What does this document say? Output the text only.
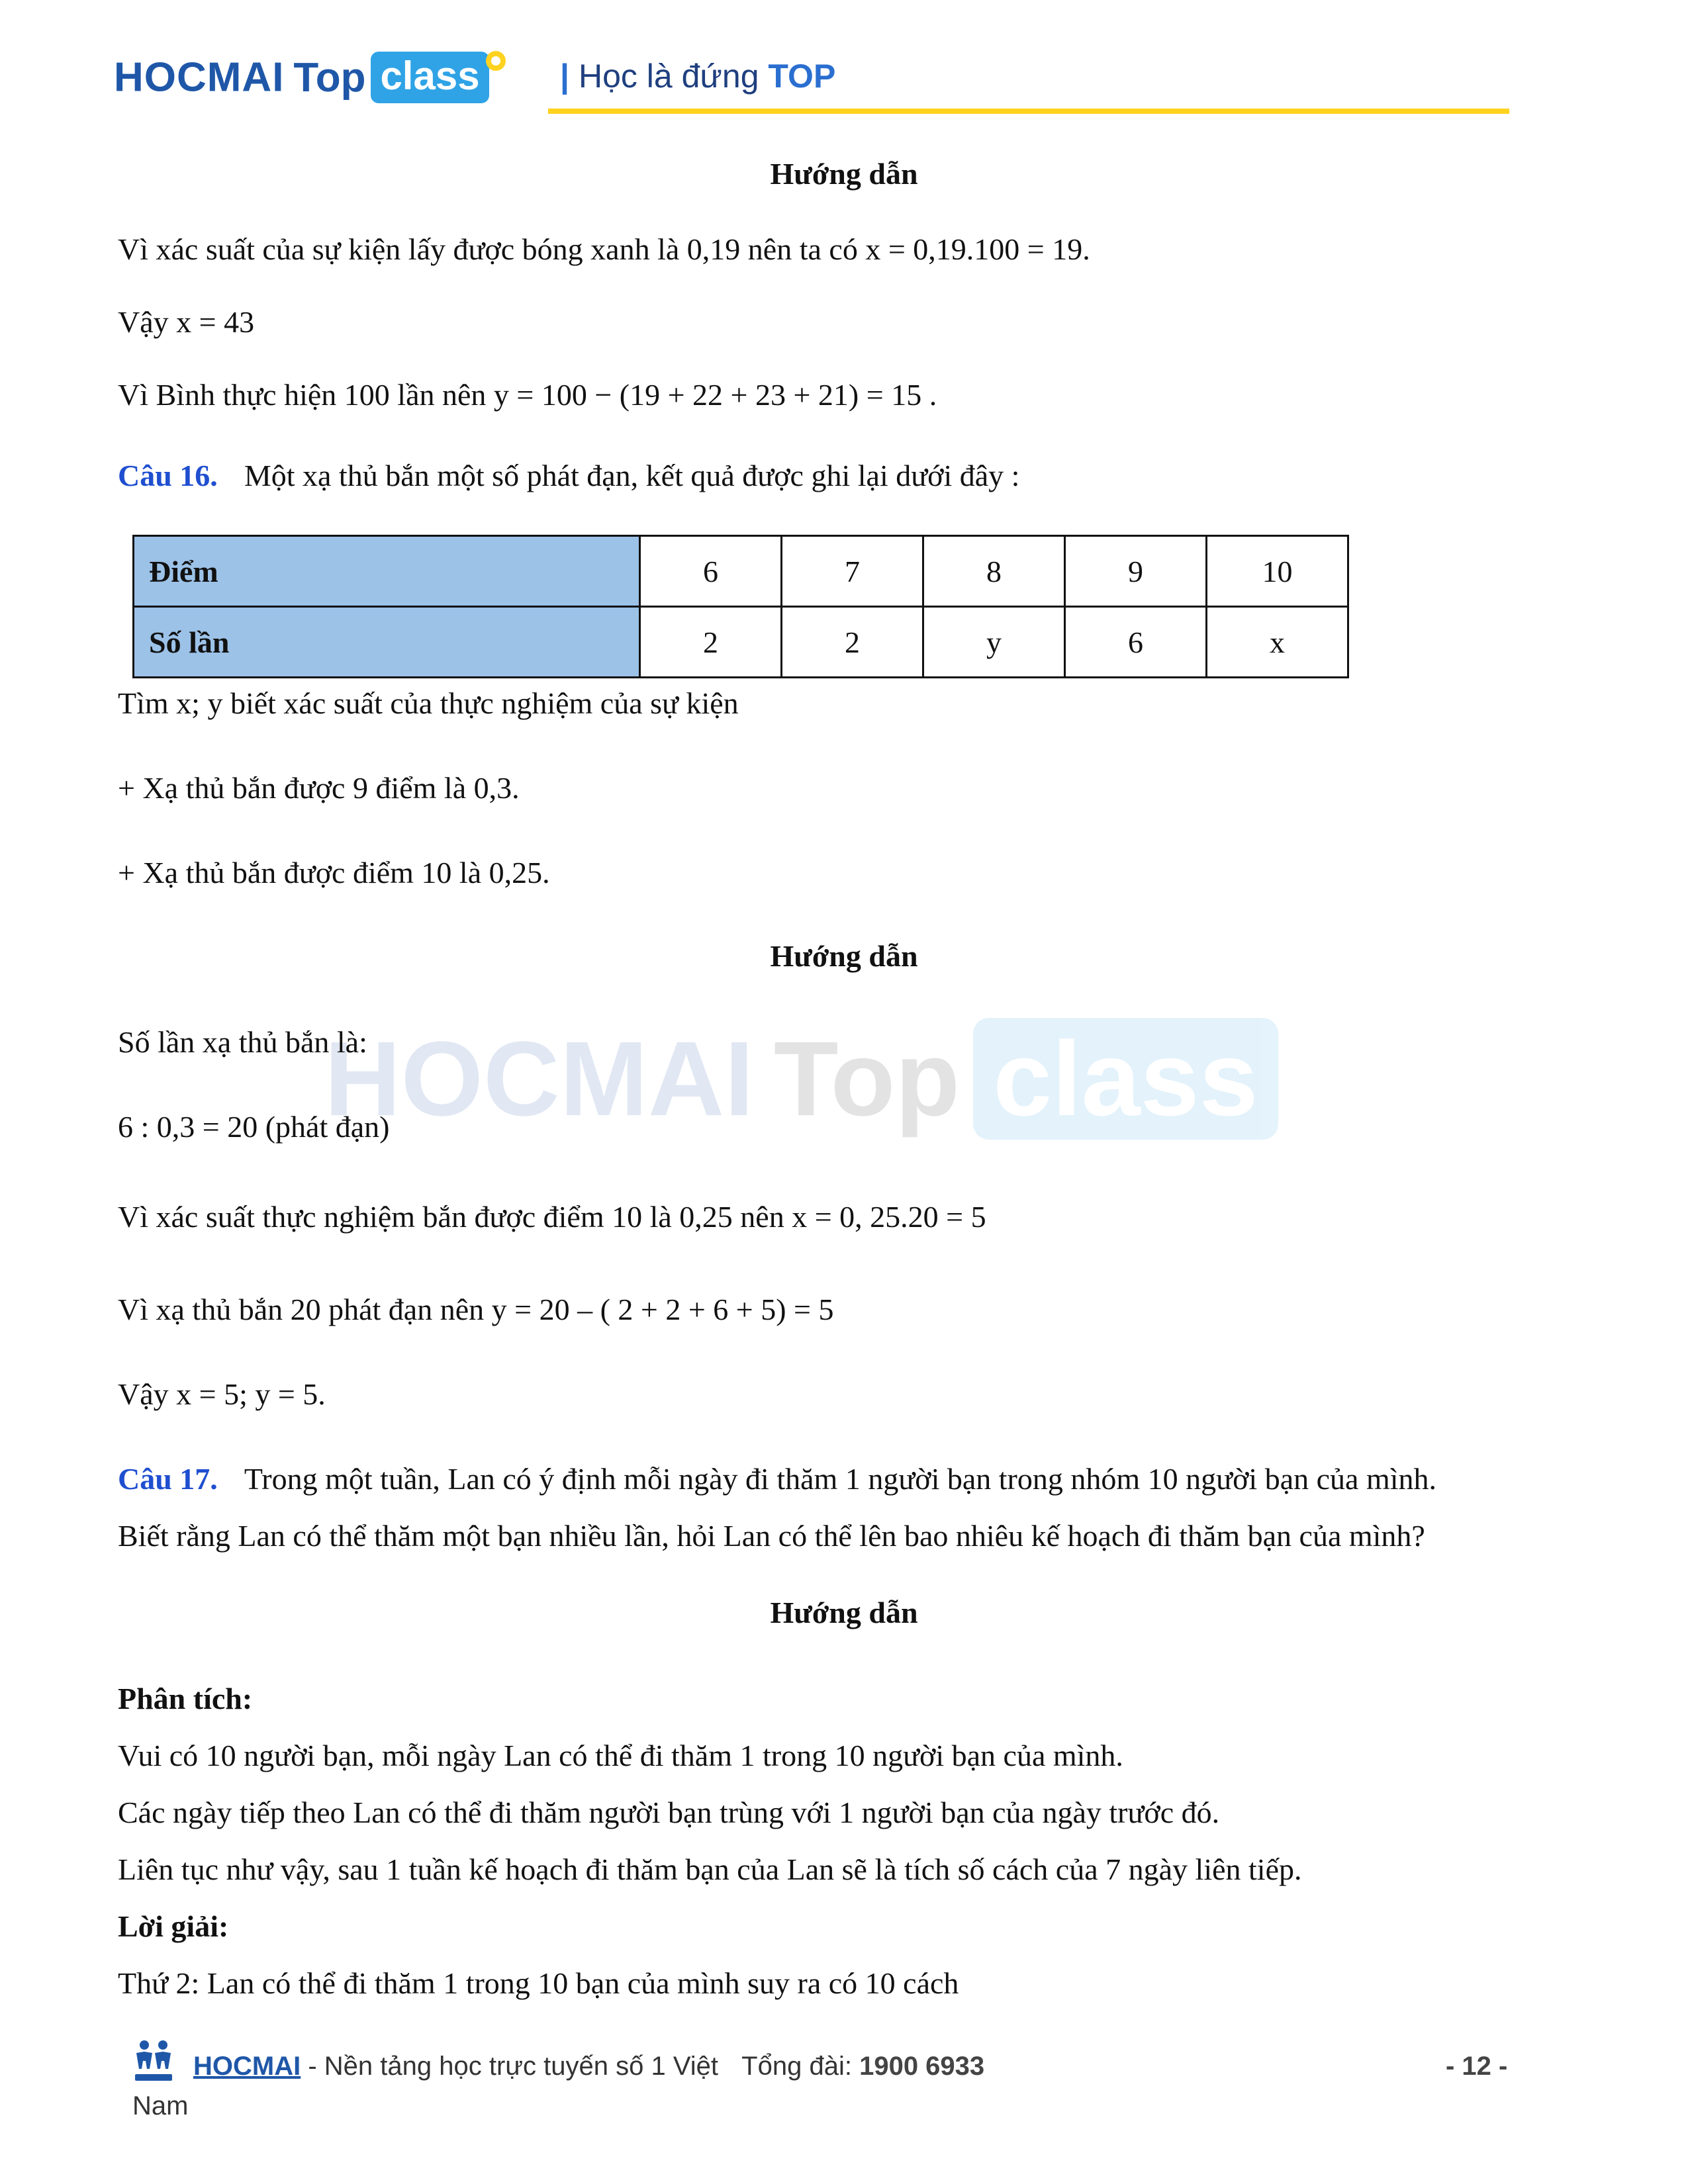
HOCMAI Top class | Học là đứng TOP
HOCMAI Top class
Hướng dẫn
Vì xác suất của sự kiện lấy được bóng xanh là 0,19 nên ta có x = 0,19.100 = 19.
Vậy x = 43
Vì Bình thực hiện 100 lần nên y = 100 − (19 + 22 + 23 + 21) = 15 .
Câu 16. Một xạ thủ bắn một số phát đạn, kết quả được ghi lại dưới đây :
Điểm	6	7	8	9	10
Số lần	2	2	y	6	x
Tìm x; y biết xác suất của thực nghiệm của sự kiện
+ Xạ thủ bắn được 9 điểm là 0,3.
+ Xạ thủ bắn được điểm 10 là 0,25.
Hướng dẫn
Số lần xạ thủ bắn là:
6 : 0,3 = 20 (phát đạn)
Vì xác suất thực nghiệm bắn được điểm 10 là 0,25 nên x = 0, 25.20 = 5
Vì xạ thủ bắn 20 phát đạn nên y = 20 – ( 2 + 2 + 6 + 5) = 5
Vậy x = 5; y = 5.
Câu 17. Trong một tuần, Lan có ý định mỗi ngày đi thăm 1 người bạn trong nhóm 10 người bạn của mình.
Biết rằng Lan có thể thăm một bạn nhiều lần, hỏi Lan có thể lên bao nhiêu kế hoạch đi thăm bạn của mình?
Hướng dẫn
Phân tích:
Vui có 10 người bạn, mỗi ngày Lan có thể đi thăm 1 trong 10 người bạn của mình.
Các ngày tiếp theo Lan có thể đi thăm người bạn trùng với 1 người bạn của ngày trước đó.
Liên tục như vậy, sau 1 tuần kế hoạch đi thăm bạn của Lan sẽ là tích số cách của 7 ngày liên tiếp.
Lời giải:
Thứ 2: Lan có thể đi thăm 1 trong 10 bạn của mình suy ra có 10 cách
HOCMAI - Nền tảng học trực tuyến số 1 Việt Tổng đài: 1900 6933
Nam
- 12 -
